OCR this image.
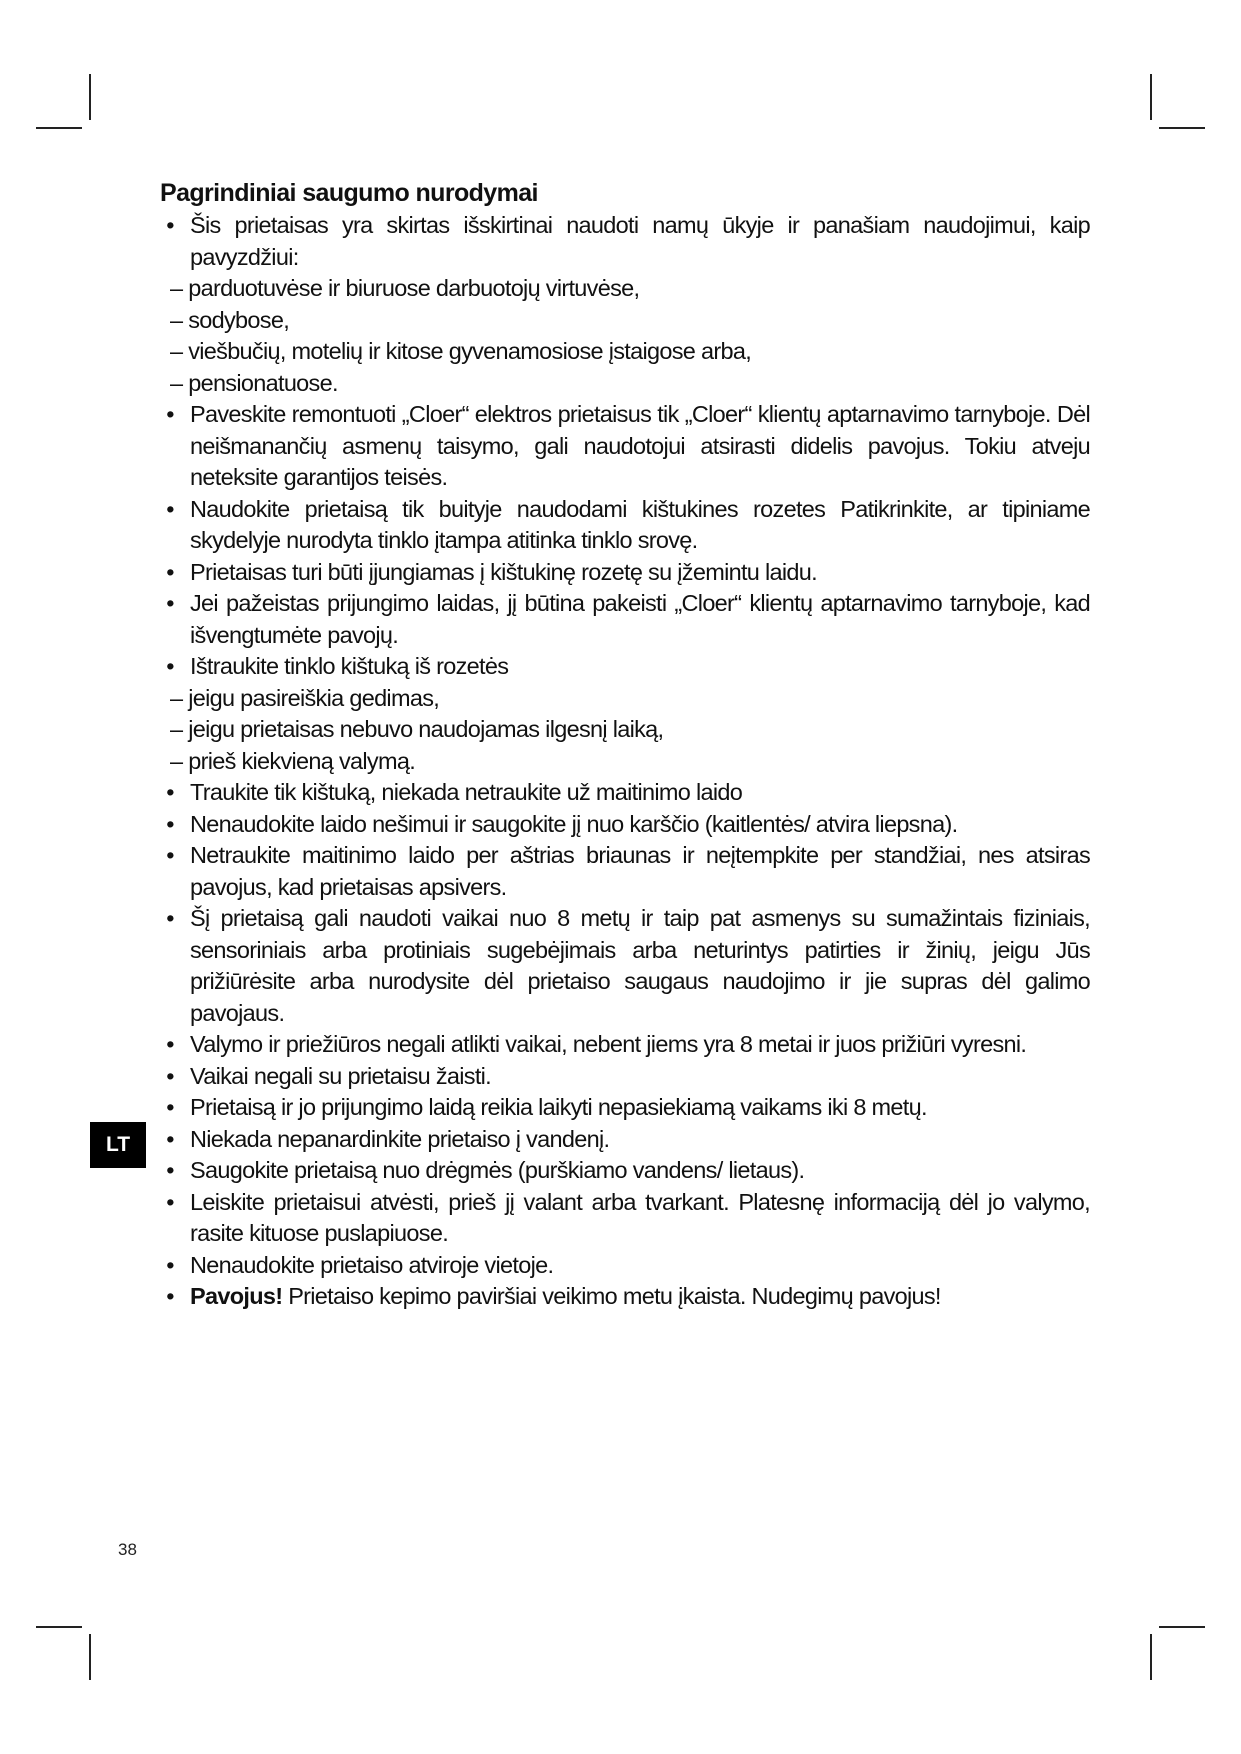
Pagrindiniai saugumo nurodymai
• Šis prietaisas yra skirtas išskirtinai naudoti namų ūkyje ir panašiam naudojimui, kaip pavyzdžiui:
– parduotuvėse ir biuruose darbuotojų virtuvėse,
– sodybose,
– viešbučių, motelių ir kitose gyvenamosiose įstaigose arba,
– pensionatuose.
• Paveskite remontuoti „Cloer“ elektros prietaisus tik „Cloer“ klientų aptarnavimo tarnyboje. Dėl neišmanančių asmenų taisymo, gali naudotojui atsirasti didelis pavojus. Tokiu atveju neteksite garantijos teisės.
• Naudokite prietaisą tik buityje naudodami kištukines rozetes Patikrinkite, ar tipiniame skydelyje nurodyta tinklo įtampa atitinka tinklo srovę.
• Prietaisas turi būti įjungiamas į kištukinę rozetę su įžemintu laidu.
• Jei pažeistas prijungimo laidas, jį būtina pakeisti „Cloer“ klientų aptarnavimo tarnyboje, kad išvengtumėte pavojų.
• Ištraukite tinklo kištuką iš rozetės
– jeigu pasireiškia gedimas,
– jeigu prietaisas nebuvo naudojamas ilgesnį laiką,
– prieš kiekvieną valymą.
• Traukite tik kištuką, niekada netraukite už maitinimo laido
• Nenaudokite laido nešimui ir saugokite jį nuo karščio (kaitlentės/ atvira liepsna).
• Netraukite maitinimo laido per aštrias briaunas ir neįtempkite per standžiai, nes atsiras pavojus, kad prietaisas apsivers.
• Šį prietaisą gali naudoti vaikai nuo 8 metų ir taip pat asmenys su sumažintais fiziniais, sensoriniais arba protiniais sugebėjimais arba neturintys patirties ir žinių, jeigu Jūs prižiūrėsite arba nurodysite dėl prietaiso saugaus naudojimo ir jie supras dėl galimo pavojaus.
• Valymo ir priežiūros negali atlikti vaikai, nebent jiems yra 8 metai ir juos prižiūri vyresni.
• Vaikai negali su prietaisu žaisti.
• Prietaisą ir jo prijungimo laidą reikia laikyti nepasiekiamą vaikams iki 8 metų.
• Niekada nepanardinkite prietaiso į vandenį.
• Saugokite prietaisą nuo drėgmės (purškiamo vandens/ lietaus).
• Leiskite prietaisui atvėsti, prieš jį valant arba tvarkant. Platesnę informaciją dėl jo valymo, rasite kituose puslapiuose.
• Nenaudokite prietaiso atviroje vietoje.
• Pavojus! Prietaiso kepimo paviršiai veikimo metu įkaista. Nudegimų pavojus!
LT
38
